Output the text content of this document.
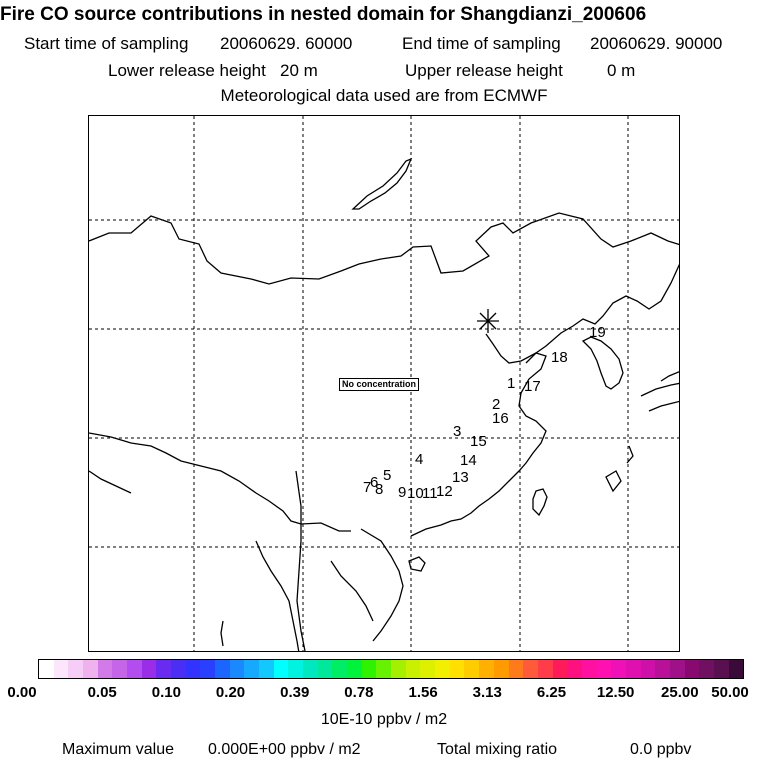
Fire CO source contributions in nested domain for Shangdianzi_200606
Start time of sampling 20060629. 60000	End time of sampling 20060629. 90000
Lower release height 20 m	Upper release height	0 m
Meteorological data used are from ECMWF
1
2
3
4
5
6
7 8 9 10
11
12
13
14
15
16
17
18
19
No concentration
0.00	0.05 0.10 0.20 0.39 0.78 1.56 3.13 6.25 12.50 25.00 50.00
10E-10 ppbv / m2
Maximum value 0.000E+00 ppbv / m2	Total mixing ratio	0.0 ppbv
